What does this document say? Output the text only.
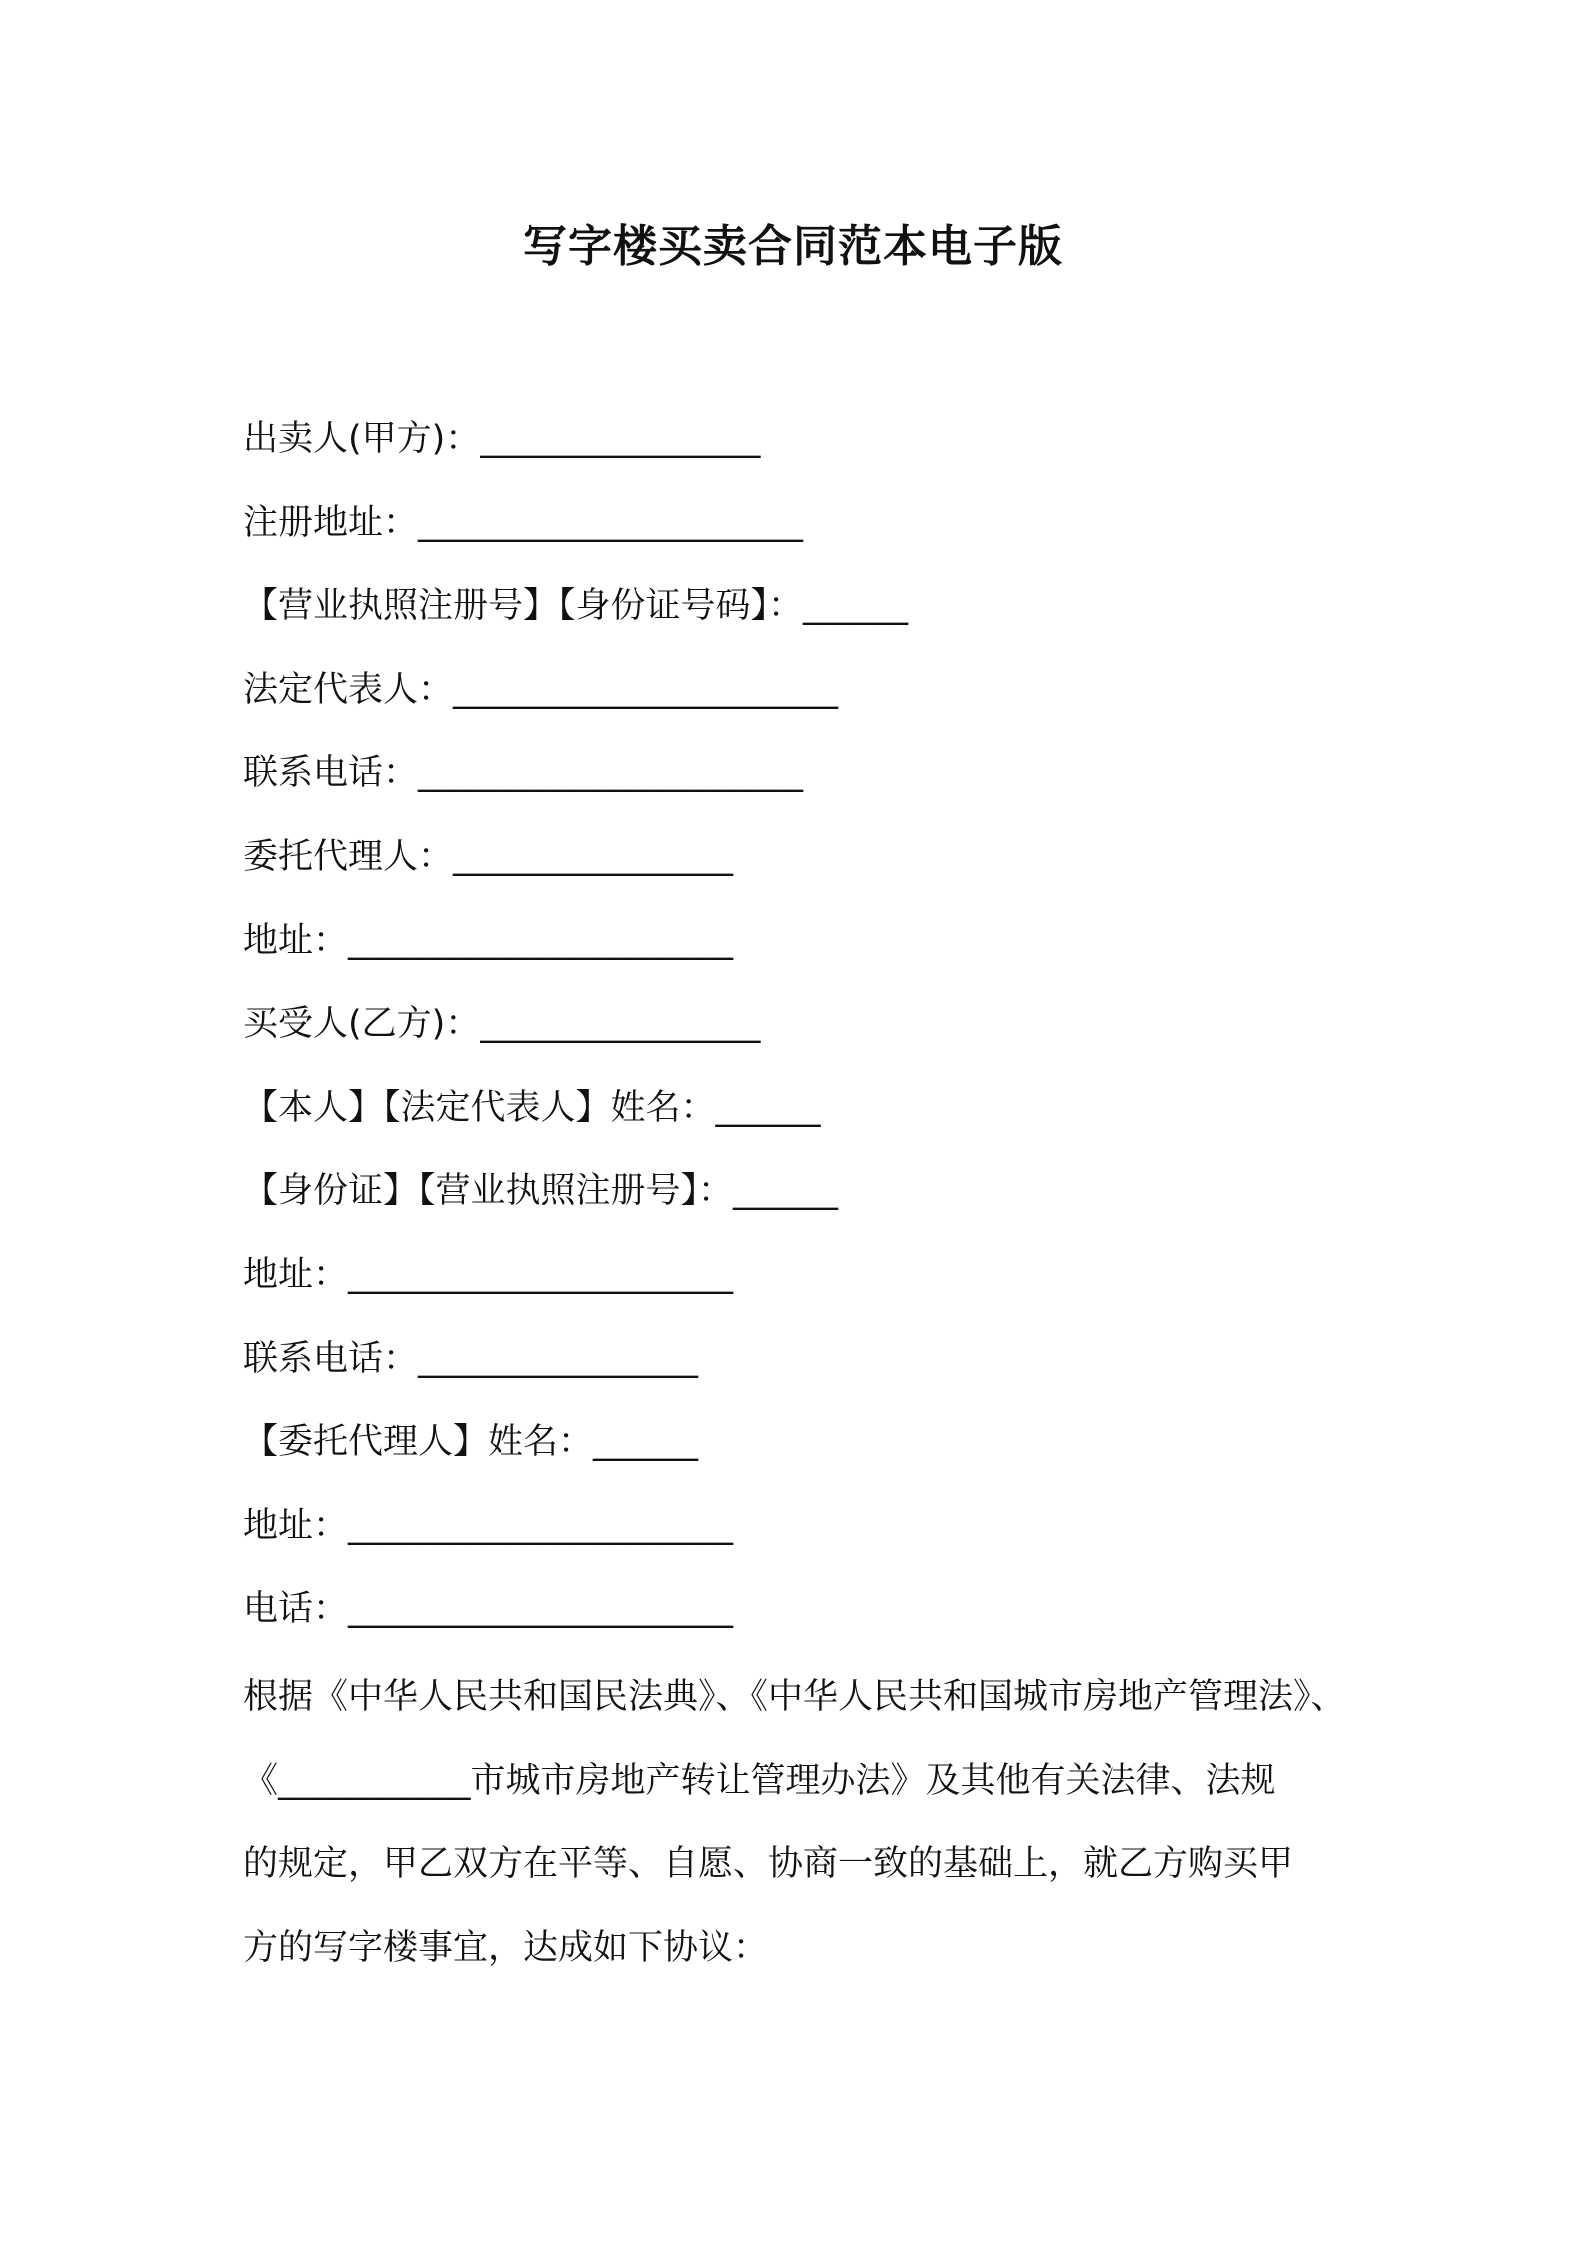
写字楼买卖合同范本电子版
出卖人(甲方)：________________
注册地址：______________________
【营业执照注册号】【身份证号码】：______
法定代表人：______________________
联系电话：______________________
委托代理人：________________
地址：______________________
买受人(乙方)：________________
【本人】【法定代表人】姓名：______
【身份证】【营业执照注册号】：______
地址：______________________
联系电话：________________
【委托代理人】姓名：______
地址：______________________
电话：______________________

根据《中华人民共和国民法典》、《中华人民共和国城市房地产管理法》、
《___________市城市房地产转让管理办法》及其他有关法律、法规
的规定，甲乙双方在平等、自愿、协商一致的基础上，就乙方购买甲
方的写字楼事宜，达成如下协议：
